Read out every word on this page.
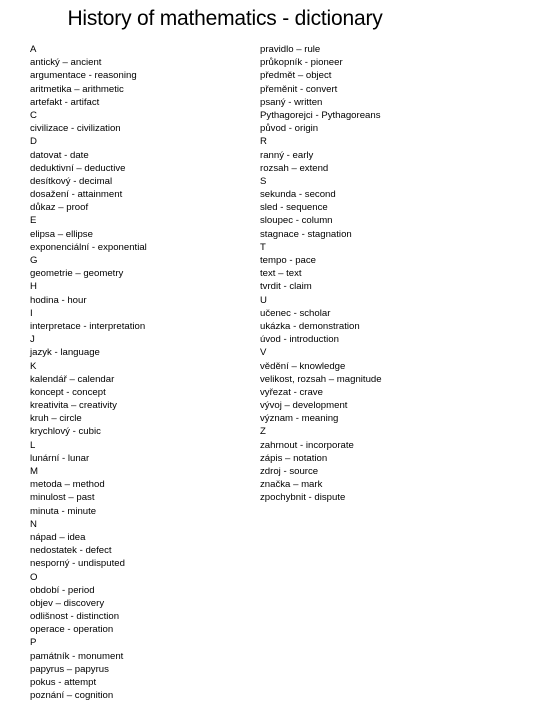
History of mathematics - dictionary
A
antický – ancient
argumentace - reasoning
aritmetika – arithmetic
artefakt - artifact
C
civilizace - civilization
D
datovat - date
deduktivní – deductive
desítkový - decimal
dosažení - attainment
důkaz – proof
E
elipsa – ellipse
exponenciální - exponential
G
geometrie – geometry
H
hodina - hour
I
interpretace - interpretation
J
jazyk - language
K
kalendář – calendar
koncept - concept
kreativita – creativity
kruh – circle
krychlový - cubic
L
lunární - lunar
M
metoda – method
minulost – past
minuta - minute
N
nápad – idea
nedostatek - defect
nesporný - undisputed
O
období - period
objev – discovery
odlišnost - distinction
operace - operation
P
památník - monument
papyrus – papyrus
pokus - attempt
poznání – cognition
pravidlo – rule
průkopník - pioneer
předmět – object
přeměnit - convert
psaný - written
Pythagorejci - Pythagoreans
původ - origin
R
ranný - early
rozsah – extend
S
sekunda - second
sled - sequence
sloupec - column
stagnace - stagnation
T
tempo - pace
text – text
tvrdit - claim
U
učenec - scholar
ukázka - demonstration
úvod - introduction
V
vědění – knowledge
velikost, rozsah – magnitude
vyřezat - crave
vývoj – development
význam - meaning
Z
zahrnout - incorporate
zápis – notation
zdroj - source
značka – mark
zpochybnit - dispute
